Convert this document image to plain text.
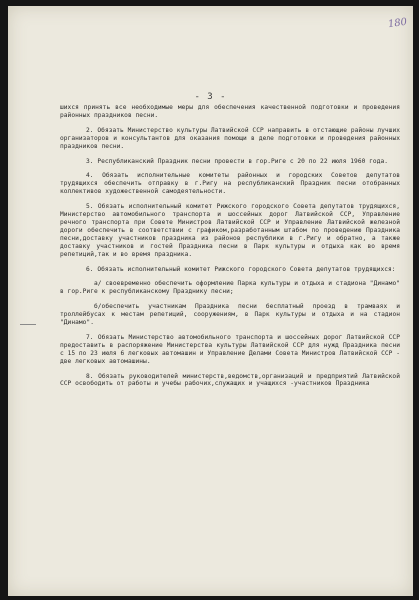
180
- 3 -

шихся принять все необходимые меры для обеспечения качественной подготовки и проведения районных праздников песни.

2. Обязать Министерство культуры Латвийской ССР направить в отстающие районы лучших организаторов и консультантов для оказания помощи в деле подготовки и проведения районных праздников песни.

3. Республиканский Праздник песни провести в гор.Риге с 20 по 22 июля 1960 года.

4. Обязать исполнительные комитеты районных и городских Советов депутатов трудящихся обеспечить отправку в г.Ригу на республиканский Праздник песни отобранных коллективов художественной самодеятельности.

5. Обязать исполнительный комитет Рижского городского Совета депутатов трудящихся, Министерство автомобильного транспорта и шоссейных дорог Латвийской ССР, Управление речного транспорта при Совете Министров Латвийской ССР и Управление Латвийской железной дороги обеспечить в соответствии с графиком,разработанным штабом по проведению Праздника песни,доставку участников праздника из районов республики в г.Ригу и обратно, а также доставку участников и гостей Праздника песни в Парк культуры и отдыха как во время репетиций,так и во время праздника.

6. Обязать исполнительный комитет Рижского городского Совета депутатов трудящихся:

а/ своевременно обеспечить оформление Парка культуры и отдыха и стадиона "Динамо" в гор.Риге к республиканскому Празднику песни;

б/обеспечить участникам Праздника песни бесплатный проезд в трамваях и троллейбусах к местам репетиций, сооружениям, в Парк культуры и отдыха и на стадион "Динамо".

7. Обязать Министерство автомобильного транспорта и шоссейных дорог Латвийской ССР предоставить в распоряжение Министерства культуры Латвийской ССР для нужд Праздника песни с 15 по 23 июля 6 легковых автомашин и Управление Делами Совета Министров Латвийской ССР - две легковых автомашины.

8. Обязать руководителей министерств,ведомств,организаций и предприятий Латвийской ССР освободить от работы и учебы рабочих,служащих и учащихся -участников Праздника
